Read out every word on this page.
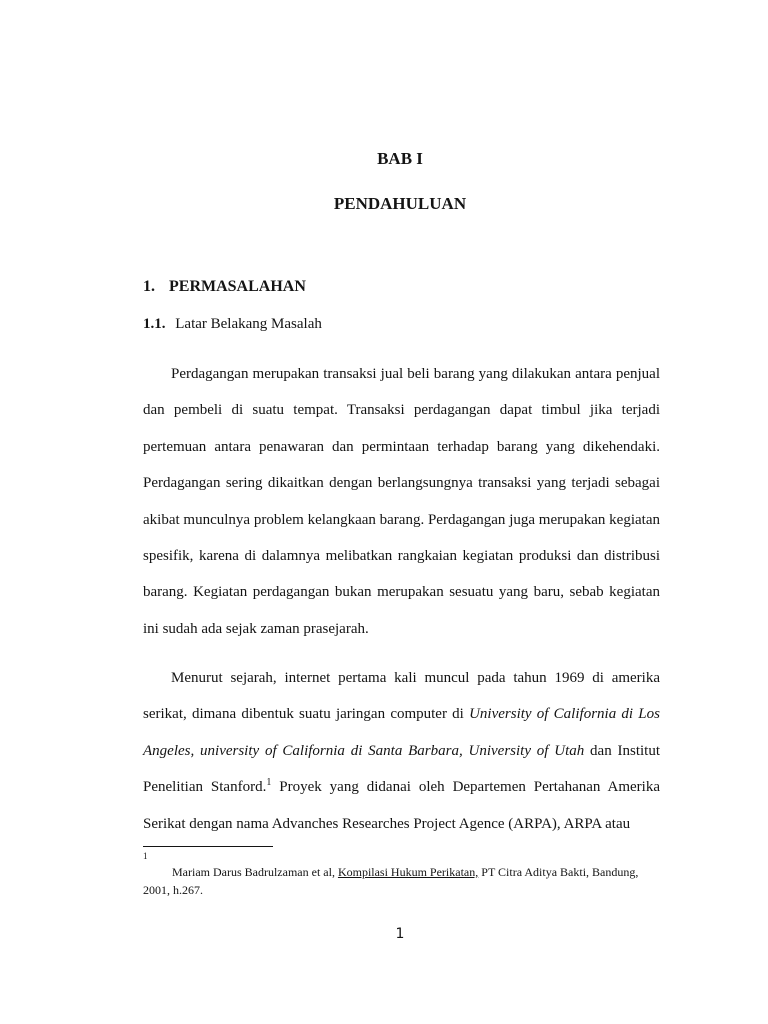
BAB I
PENDAHULUAN
1. PERMASALAHAN
1.1. Latar Belakang Masalah

Perdagangan merupakan transaksi jual beli barang yang dilakukan antara penjual dan pembeli di suatu tempat. Transaksi perdagangan dapat timbul jika terjadi pertemuan antara penawaran dan permintaan terhadap barang yang dikehendaki. Perdagangan sering dikaitkan dengan berlangsungnya transaksi yang terjadi sebagai akibat munculnya problem kelangkaan barang. Perdagangan juga merupakan kegiatan spesifik, karena di dalamnya melibatkan rangkaian kegiatan produksi dan distribusi barang. Kegiatan perdagangan bukan merupakan sesuatu yang baru, sebab kegiatan ini sudah ada sejak zaman prasejarah.

Menurut sejarah, internet pertama kali muncul pada tahun 1969 di amerika serikat, dimana dibentuk suatu jaringan computer di University of California di Los Angeles, university of California di Santa Barbara, University of Utah dan Institut Penelitian Stanford.$^1$ Proyek yang didanai oleh Departemen Pertahanan Amerika Serikat dengan nama Advanches Researches Project Agence (ARPA), ARPA atau

1

Mariam Darus Badrulzaman et al, Kompilasi Hukum Perikatan, PT Citra Aditya Bakti, Bandung, 2001, h.267.

1
